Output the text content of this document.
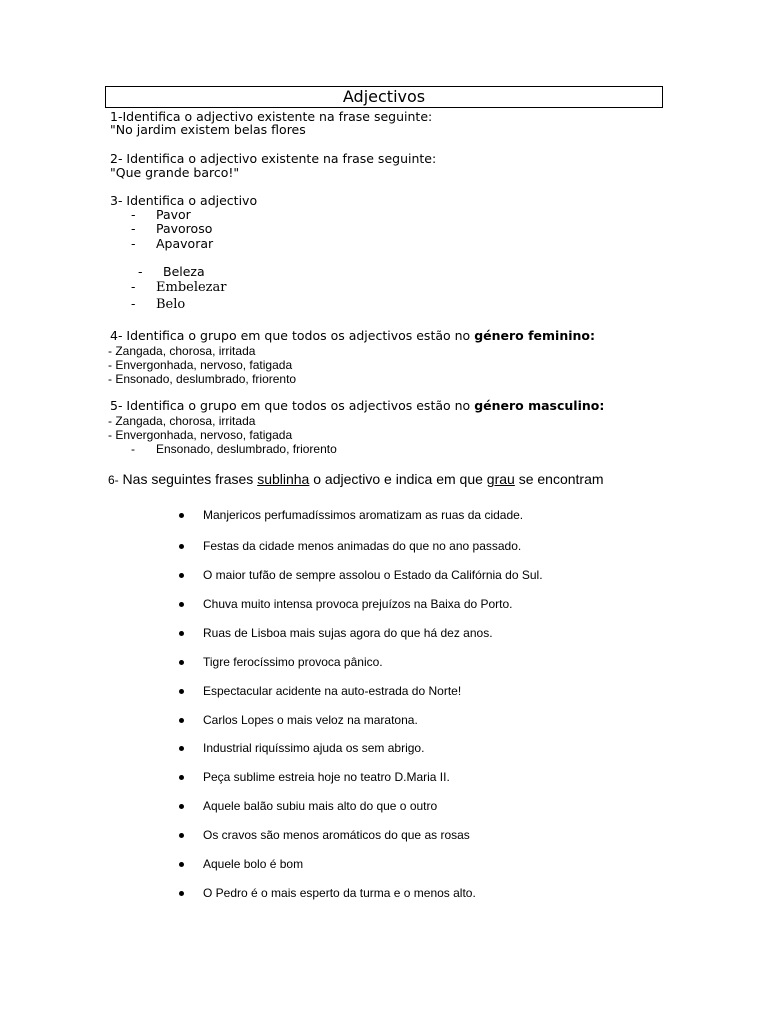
Adjectivos
1-Identifica o adjectivo existente na frase seguinte:
"No jardim existem belas flores
2- Identifica o adjectivo existente na frase seguinte:
"Que grande barco!"
3- Identifica o adjectivo
- Pavor
- Pavoroso
- Apavorar
- Beleza
- Embelezar
- Belo
4- Identifica o grupo em que todos os adjectivos estão no género feminino:
- Zangada, chorosa, irritada
- Envergonhada, nervoso, fatigada
- Ensonado, deslumbrado, friorento
5- Identifica o grupo em que todos os adjectivos estão no género masculino:
- Zangada, chorosa, irritada
- Envergonhada, nervoso, fatigada
- Ensonado, deslumbrado, friorento
6- Nas seguintes frases sublinha o adjectivo e indica em que grau se encontram
Manjericos perfumadíssimos aromatizam as ruas da cidade.
Festas da cidade menos animadas do que no ano passado.
O maior tufão de sempre assolou o Estado da Califórnia do Sul.
Chuva muito intensa provoca prejuízos na Baixa do Porto.
Ruas de Lisboa mais sujas agora do que há dez anos.
Tigre ferocíssimo provoca pânico.
Espectacular acidente na auto-estrada do Norte!
Carlos Lopes o mais veloz na maratona.
Industrial riquíssimo ajuda os sem abrigo.
Peça sublime estreia hoje no teatro D.Maria II.
Aquele balão subiu mais alto do que o outro
Os cravos são menos aromáticos do que as rosas
Aquele bolo é bom
O Pedro é o mais esperto da turma e o menos alto.
